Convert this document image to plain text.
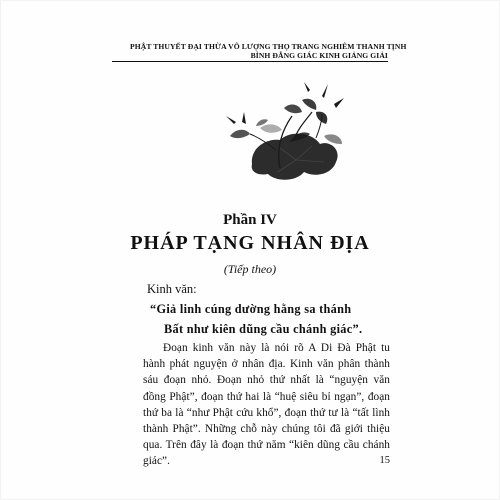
PHẬT THUYẾT ĐẠI THỪA VÔ LƯỢNG THỌ TRANG NGHIÊM THANH TỊNH
BÌNH ĐẲNG GIÁC KINH GIẢNG GIẢI
Phần IV
PHÁP TẠNG NHÂN ĐỊA
(Tiếp theo)
Kinh văn:
“Giả linh cúng dường hằng sa thánh
Bất như kiên dũng cầu chánh giác”.
Đoạn kinh văn này là nói rõ A Di Đà Phật tu hành phát nguyện ở nhân địa. Kinh văn phân thành sáu đoạn nhỏ. Đoạn nhỏ thứ nhất là “nguyện văn đồng Phật”, đoạn thứ hai là “huệ siêu bỉ ngạn”, đoạn thứ ba là “như Phật cứu khổ”, đoạn thứ tư là “tất lình thành Phật”. Những chỗ này chúng tôi đã giới thiệu qua. Trên đây là đoạn thứ năm “kiên dũng cầu chánh giác”.	15
